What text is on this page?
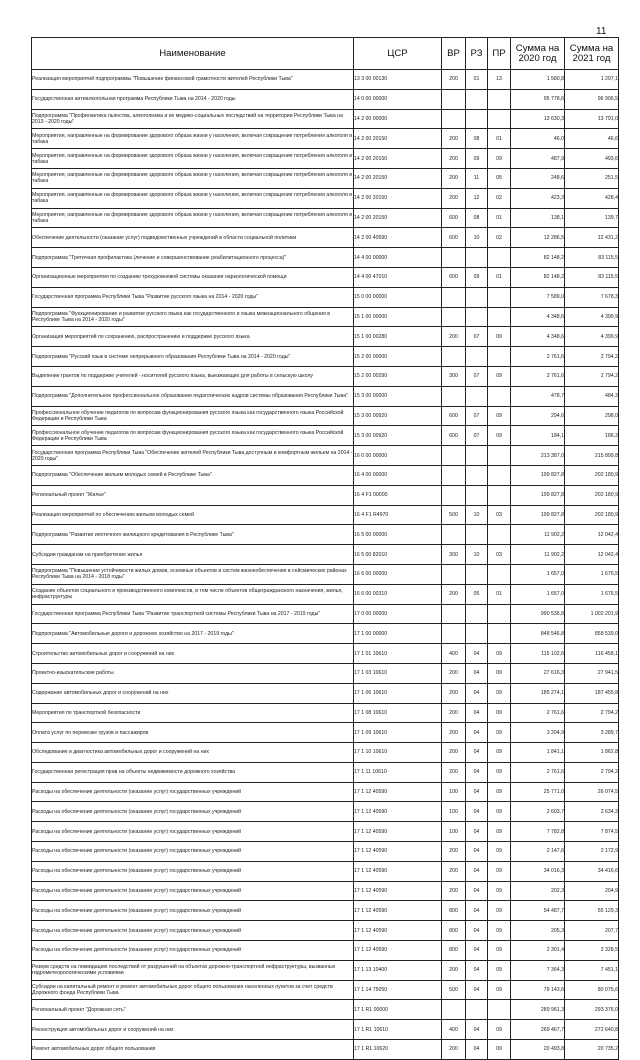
11
Наименование	ЦСР	ВР	РЗ	ПР	Сумма на 2020 год	Сумма на 2021 год
Реализация мероприятий подпрограммы "Повышение финансовой грамотности жителей Республики Тыва"	13 3 00 00130	200	01	13	1 580,8	1 297,1
Государственная антиалкогольная программа Республики Тыва на 2014 - 2020 годы	14 0 00 00000				95 778,6	96 906,5
Подпрограмма "Профилактика пьянства, алкоголизма и их медико-социальных последствий на территории Республики Тыва на 2013 - 2020 годы"	14 2 00 00000				13 630,3	13 791,0
Мероприятия, направленные на формирование здорового образа жизни у населения, включая сокращение потребления алкоголя и табака	14 2 00 20150	200	08	01	46,0	46,6
Мероприятия, направленные на формирование здорового образа жизни у населения, включая сокращение потребления алкоголя и табака	14 2 00 20150	200	09	09	487,9	493,6
Мероприятия, направленные на формирование здорового образа жизни у населения, включая сокращение потребления алкоголя и табака	14 2 00 20150	200	11	05	248,6	251,5
Мероприятия, направленные на формирование здорового образа жизни у населения, включая сокращение потребления алкоголя и табака	14 2 00 20150	200	12	02	423,3	428,4
Мероприятия, направленные на формирование здорового образа жизни у населения, включая сокращение потребления алкоголя и табака	14 2 00 20150	600	08	01	138,1	139,7
Обеспечение деятельности (оказание услуг) подведомственных учреждений в области социальной политики	14 2 00 40590	600	10	02	12 286,5	12 431,2
Подпрограмма "Третичная профилактика (лечение и совершенствование реабилитационного процесса)"	14 4 00 00000				82 148,2	83 115,5
Организационные мероприятия по созданию трехуровневой системы оказания наркологической помощи	14 4 00 47010	600	09	01	82 148,2	83 115,5
Государственная программа Республики Тыва "Развитие русского языка на 2014 - 2020 годы"	15 0 00 00000				7 589,0	7 678,3
Подпрограмма "Функционирование и развитие русского языка как государственного и языка межнационального общения в Республике Тыва на 2014 - 2020 годы"	15 1 00 00000				4 348,6	4 399,9
Организация мероприятий по сохранению, распространению и поддержке русского языка	15 1 00 00280	200	07	09	4 348,6	4 399,9
Подпрограмма "Русский язык в системе непрерывного образования Республики Тыва на 2014 - 2020 годы"	15 2 00 00000				2 761,6	2 794,2
Выделение грантов по поддержке учителей - носителей русского языка, выезжающих для работы в сельскую школу	15 2 00 00290	300	07	09	2 761,6	2 794,2
Подпрограмма "Дополнительное профессиональное образование педагогических кадров системы образования Республики Тыва"	15 3 00 00000				478,7	484,3
Профессиональное обучение педагогов по вопросам функционирования русского языка как государственного языка Российской Федерации и Республики Тыва	15 3 00 00920	600	07	09	294,6	298,0
Профессиональное обучение педагогов по вопросам функционирования русского языка как государственного языка Российской Федерации и Республики Тыва	15 3 00 00920	600	07	09	184,1	186,3
Государственная программа Республики Тыва "Обеспечение жителей Республики Тыва доступным и комфортным жильем на 2014 - 2020 годы"	16 0 00 00000				213 387,0	215 899,8
Подпрограмма "Обеспечение жильем молодых семей в Республике Тыва"	16 4 00 00000				199 827,8	202 180,9
Региональный проект "Жилье"	16 4 F1 00000				199 827,8	202 180,9
Реализация мероприятий по обеспечению жильем молодых семей	16 4 F1 R4970	500	10	03	199 827,8	202 180,9
Подпрограмма "Развитие ипотечного жилищного кредитования в Республике Тыва"	16 5 00 00000				11 902,2	12 042,4
Субсидии гражданам на приобретение жилья	16 5 00 82010	300	10	03	11 902,2	12 042,4
Подпрограмма "Повышение устойчивости жилых домов, основных объектов и систем жизнеобеспечения в сейсмических районах Республики Тыва на 2014 - 2018 годы"	16 6 00 00000				1 657,0	1 676,5
Создание объектов социального и производственного комплексов, в том числе объектов общегражданского назначения, жилья, инфраструктуры	16 6 00 00310	200	05	01	1 657,0	1 676,5
Государственная программа Республики Тыва "Развитие транспортной системы Республики Тыва на 2017 - 2019 годы"	17 0 00 00000				990 536,8	1 002 201,9
Подпрограмма "Автомобильные дороги и дорожное хозяйство на 2017 - 2019 годы"	17 1 00 00000				848 546,8	858 539,0
Строительство автомобильных дорог и сооружений на них	17 1 01 10610	400	04	09	115 102,6	116 458,1
Проектно-изыскательские работы	17 1 03 10610	200	04	09	27 616,3	27 941,5
Содержание автомобильных дорог и сооружений на них	17 1 06 10610	200	04	09	185 274,1	187 455,8
Мероприятия по транспортной безопасности	17 1 08 10610	200	04	09	2 761,6	2 794,2
Оплата услуг по перевозке грузов и пассажиров	17 1 09 10610	200	04	09	3 204,9	3 289,7
Обследование и диагностика автомобильных дорог и сооружений на них	17 1 10 10610	200	04	09	1 841,1	1 862,8
Государственная регистрация прав на объекты недвижимости дорожного хозяйства	17 1 11 10610	200	04	09	2 761,6	2 794,2
Расходы на обеспечение деятельности (оказание услуг) государственных учреждений	17 1 12 40590	100	04	09	25 771,0	26 074,5
Расходы на обеспечение деятельности (оказание услуг) государственных учреждений	17 1 12 40590	100	04	09	2 603,7	2 634,3
Расходы на обеспечение деятельности (оказание услуг) государственных учреждений	17 1 12 40590	100	04	09	7 782,8	7 874,5
Расходы на обеспечение деятельности (оказание услуг) государственных учреждений	17 1 12 40590	200	04	09	2 147,6	2 172,9
Расходы на обеспечение деятельности (оказание услуг) государственных учреждений	17 1 12 40590	200	04	09	34 016,3	34 416,6
Расходы на обеспечение деятельности (оказание услуг) государственных учреждений	17 1 12 40590	200	04	09	202,3	204,9
Расходы на обеспечение деятельности (оказание услуг) государственных учреждений	17 1 12 40590	800	04	09	54 487,7	55 129,3
Расходы на обеспечение деятельности (оказание услуг) государственных учреждений	17 1 12 40590	800	04	09	205,3	207,7
Расходы на обеспечение деятельности (оказание услуг) государственных учреждений	17 1 12 40590	800	04	09	2 301,4	2 328,5
Резерв средств на ликвидацию последствий от разрушений на объектах дорожно-транспортной инфраструктуры, вызванных гидрометеорологическими условиями	17 1 13 10400	200	04	09	7 364,3	7 451,1
Субсидии на капитальный ремонт и ремонт автомобильных дорог общего пользования населенных пунктов за счет средств Дорожного фонда Республики Тыва	17 1 14 75050	500	04	09	79 143,6	80 075,6
Региональный проект "Дорожная сеть"	17 1 R1 00000				289 961,3	293 376,0
Реконструкция автомобильных дорог и сооружений на них	17 1 R1 10610	400	04	09	269 467,7	272 640,8
Ремонт автомобильных дорог общего пользования	17 1 R1 10620	200	04	09	20 493,8	20 735,2
